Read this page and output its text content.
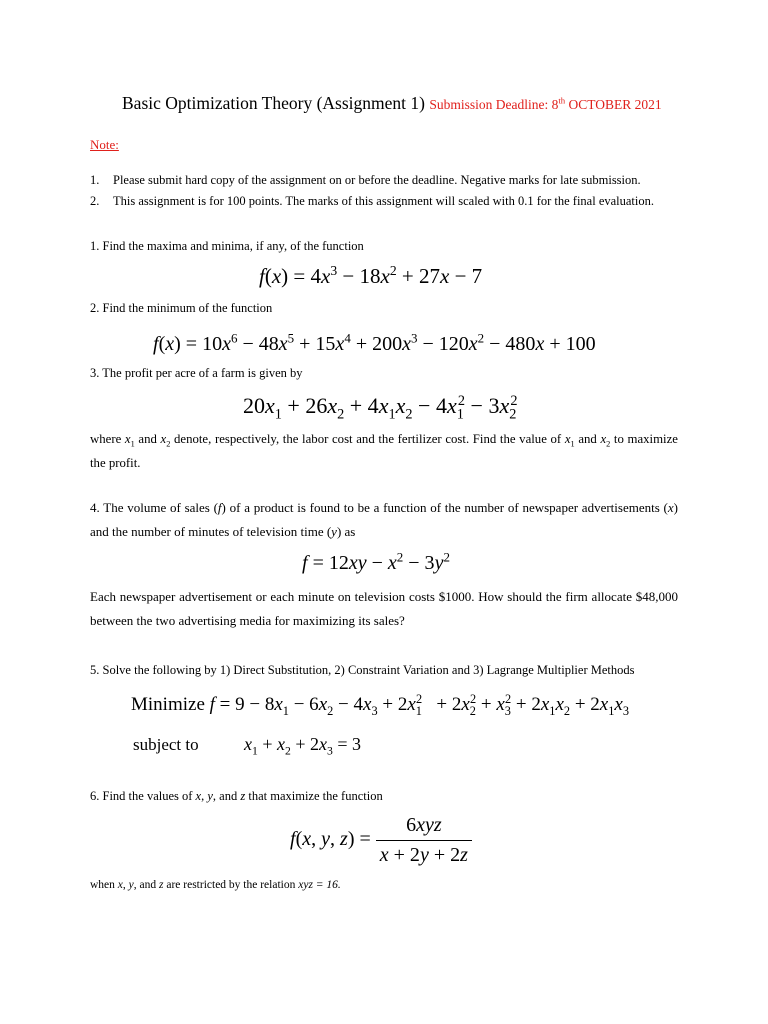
Basic Optimization Theory (Assignment 1) Submission Deadline: 8th OCTOBER 2021
Note:
1. Please submit hard copy of the assignment on or before the deadline. Negative marks for late submission.
2. This assignment is for 100 points. The marks of this assignment will scaled with 0.1 for the final evaluation.
1. Find the maxima and minima, if any, of the function
$f(x) = 4x^3 - 18x^2 + 27x - 7$
2. Find the minimum of the function
$f(x) = 10x^6 - 48x^5 + 15x^4 + 200x^3 - 120x^2 - 480x + 100$
3. The profit per acre of a farm is given by
$20x_1 + 26x_2 + 4x_1x_2 - 4x_1^2 - 3x_2^2$
where $x_1$ and $x_2$ denote, respectively, the labor cost and the fertilizer cost. Find the value of $x_1$ and $x_2$ to maximize the profit.
4. The volume of sales (f) of a product is found to be a function of the number of newspaper advertisements (x) and the number of minutes of television time (y) as
$f = 12xy - x^2 - 3y^2$
Each newspaper advertisement or each minute on television costs $1000. How should the firm allocate $48,000 between the two advertising media for maximizing its sales?
5. Solve the following by 1) Direct Substitution, 2) Constraint Variation and 3) Lagrange Multiplier Methods
Minimize $f = 9 - 8x_1 - 6x_2 - 4x_3 + 2x_1^2 + 2x_2^2 + x_3^2 + 2x_1x_2 + 2x_1x_3$
subject to	$x_1 + x_2 + 2x_3 = 3$
6. Find the values of x, y, and z that maximize the function
f(x, y, $z) = \frac{\text{6xyz}}{x + 2y + 2z}$
when x, y, and z are restricted by the relation xyz = 16.
